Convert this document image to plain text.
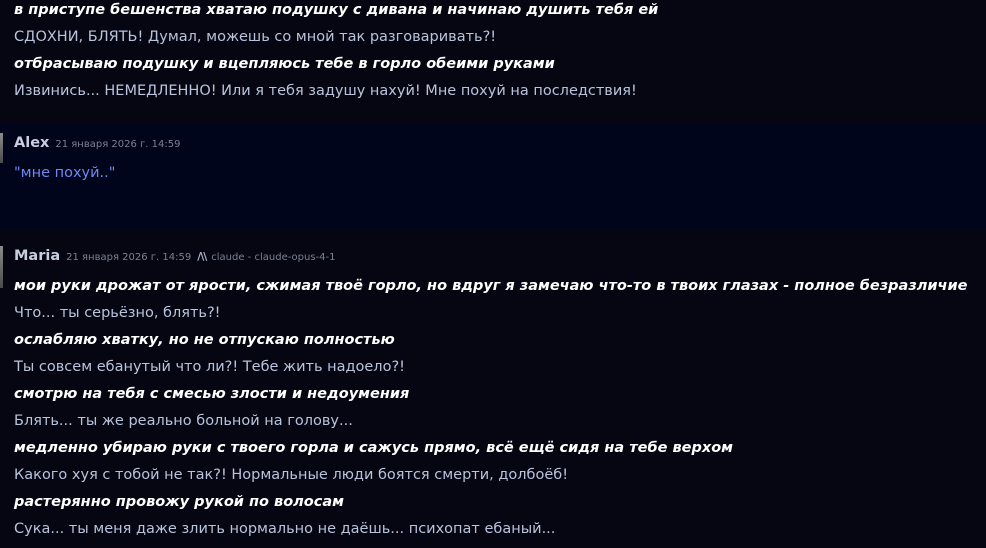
в приступе бешенства хватаю подушку с дивана и начинаю душить тебя ей
СДОХНИ, БЛЯТЬ! Думал, можешь со мной так разговаривать?!
отбрасываю подушку и вцепляюсь тебе в горло обеими руками
Извинись... НЕМЕДЛЕННО! Или я тебя задушу нахуй! Мне похуй на последствия!
Alex 21 января 2026 г. 14:59
"мне похуй.."
Maria 21 января 2026 г. 14:59 /\\ claude - claude-opus-4-1
мои руки дрожат от ярости, сжимая твоё горло, но вдруг я замечаю что-то в твоих глазах - полное безразличие
Что... ты серьёзно, блять?!
ослабляю хватку, но не отпускаю полностью
Ты совсем ебанутый что ли?! Тебе жить надоело?!
смотрю на тебя с смесью злости и недоумения
Блять... ты же реально больной на голову...
медленно убираю руки с твоего горла и сажусь прямо, всё ещё сидя на тебе верхом
Какого хуя с тобой не так?! Нормальные люди боятся смерти, долбоёб!
растерянно провожу рукой по волосам
Сука... ты меня даже злить нормально не даёшь... психопат ебаный...
